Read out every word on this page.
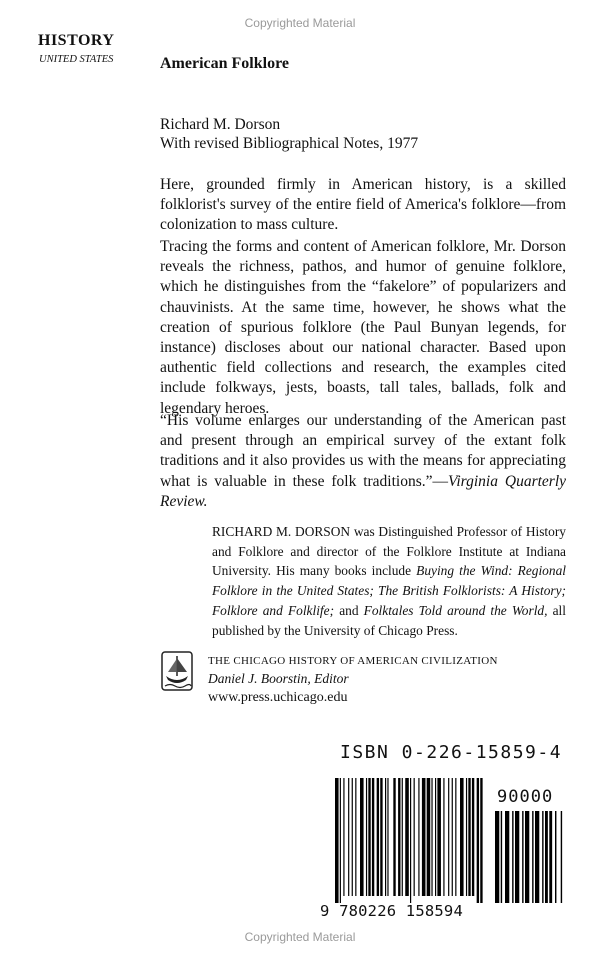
Copyrighted Material
HISTORY
UNITED STATES	American Folklore
Richard M. Dorson
With revised Bibliographical Notes, 1977

Here, grounded firmly in American history, is a skilled folklorist's survey of the entire field of America's folklore—from colonization to mass culture.

Tracing the forms and content of American folklore, Mr. Dorson reveals the richness, pathos, and humor of genuine folklore, which he distinguishes from the “fakelore” of popularizers and chauvinists. At the same time, however, he shows what the creation of spurious folklore (the Paul Bunyan legends, for instance) discloses about our national character. Based upon authentic field collections and research, the examples cited include folkways, jests, boasts, tall tales, ballads, folk and legendary heroes.

“His volume enlarges our understanding of the American past and present through an empirical survey of the extant folk traditions and it also provides us with the means for appreciating what is valuable in these folk traditions.”—Virginia Quarterly Review.

RICHARD M. DORSON was Distinguished Professor of History and Folklore and director of the Folklore Institute at Indiana University. His many books include Buying the Wind: Regional Folklore in the United States; The British Folklorists: A History; Folklore and Folklife; and Folktales Told around the World, all published by the University of Chicago Press.

THE CHICAGO HISTORY OF AMERICAN CIVILIZATION
Daniel J. Boorstin, Editor
www.press.uchicago.edu
ISBN 0-226-15859-4
90000
9 780226 158594
Copyrighted Material
